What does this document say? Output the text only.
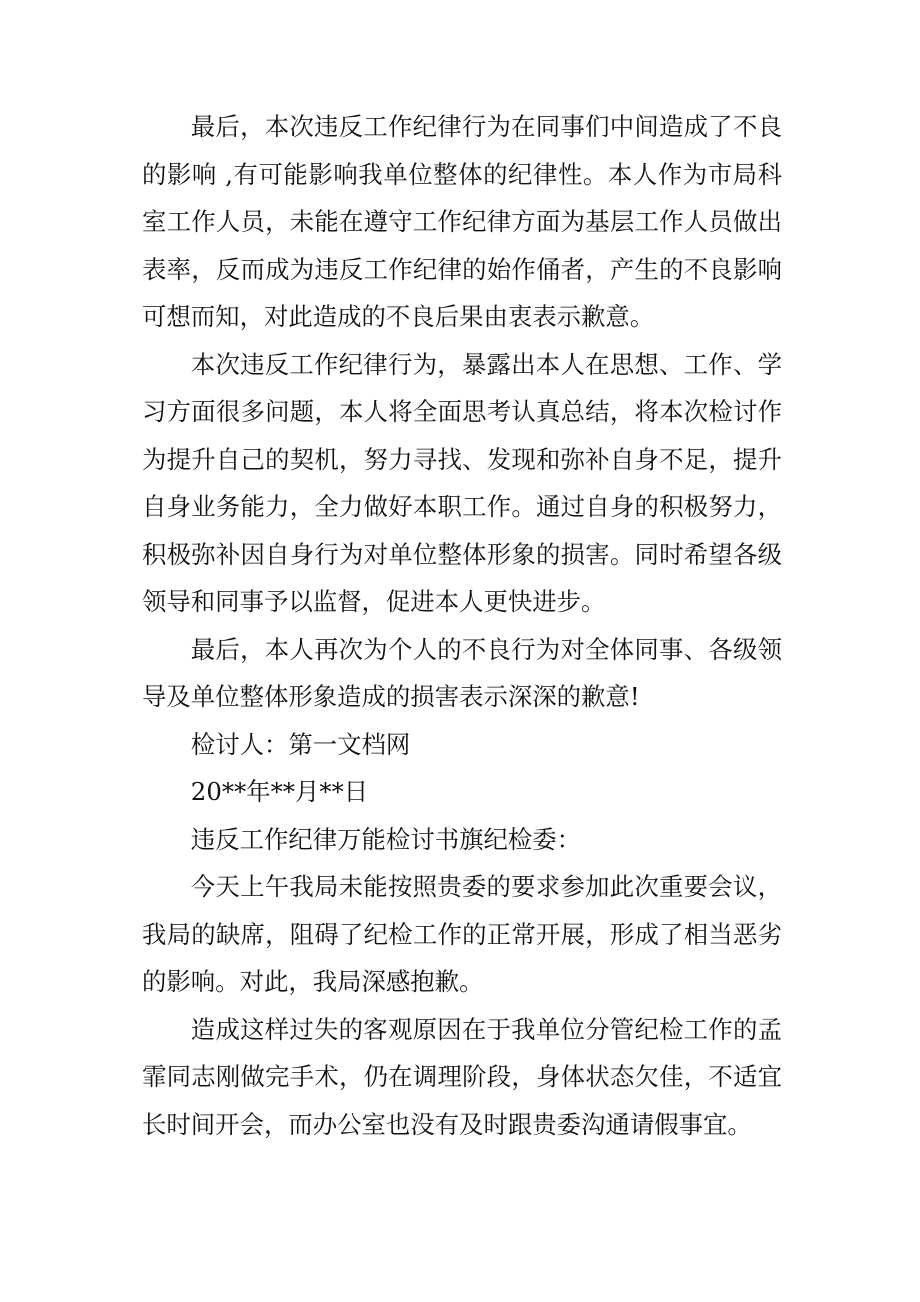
最后，本次违反工作纪律行为在同事们中间造成了不良的影响 ,有可能影响我单位整体的纪律性。本人作为市局科室工作人员，未能在遵守工作纪律方面为基层工作人员做出表率，反而成为违反工作纪律的始作俑者，产生的不良影响可想而知，对此造成的不良后果由衷表示歉意。

本次违反工作纪律行为，暴露出本人在思想、工作、学习方面很多问题，本人将全面思考认真总结，将本次检讨作为提升自己的契机，努力寻找、发现和弥补自身不足，提升自身业务能力，全力做好本职工作。通过自身的积极努力，积极弥补因自身行为对单位整体形象的损害。同时希望各级领导和同事予以监督，促进本人更快进步。

最后，本人再次为个人的不良行为对全体同事、各级领导及单位整体形象造成的损害表示深深的歉意!

检讨人：第一文档网

20**年**月**日

违反工作纪律万能检讨书旗纪检委：

今天上午我局未能按照贵委的要求参加此次重要会议，我局的缺席，阻碍了纪检工作的正常开展，形成了相当恶劣的影响。对此，我局深感抱歉。

造成这样过失的客观原因在于我单位分管纪检工作的孟霏同志刚做完手术，仍在调理阶段，身体状态欠佳，不适宜长时间开会，而办公室也没有及时跟贵委沟通请假事宜。
